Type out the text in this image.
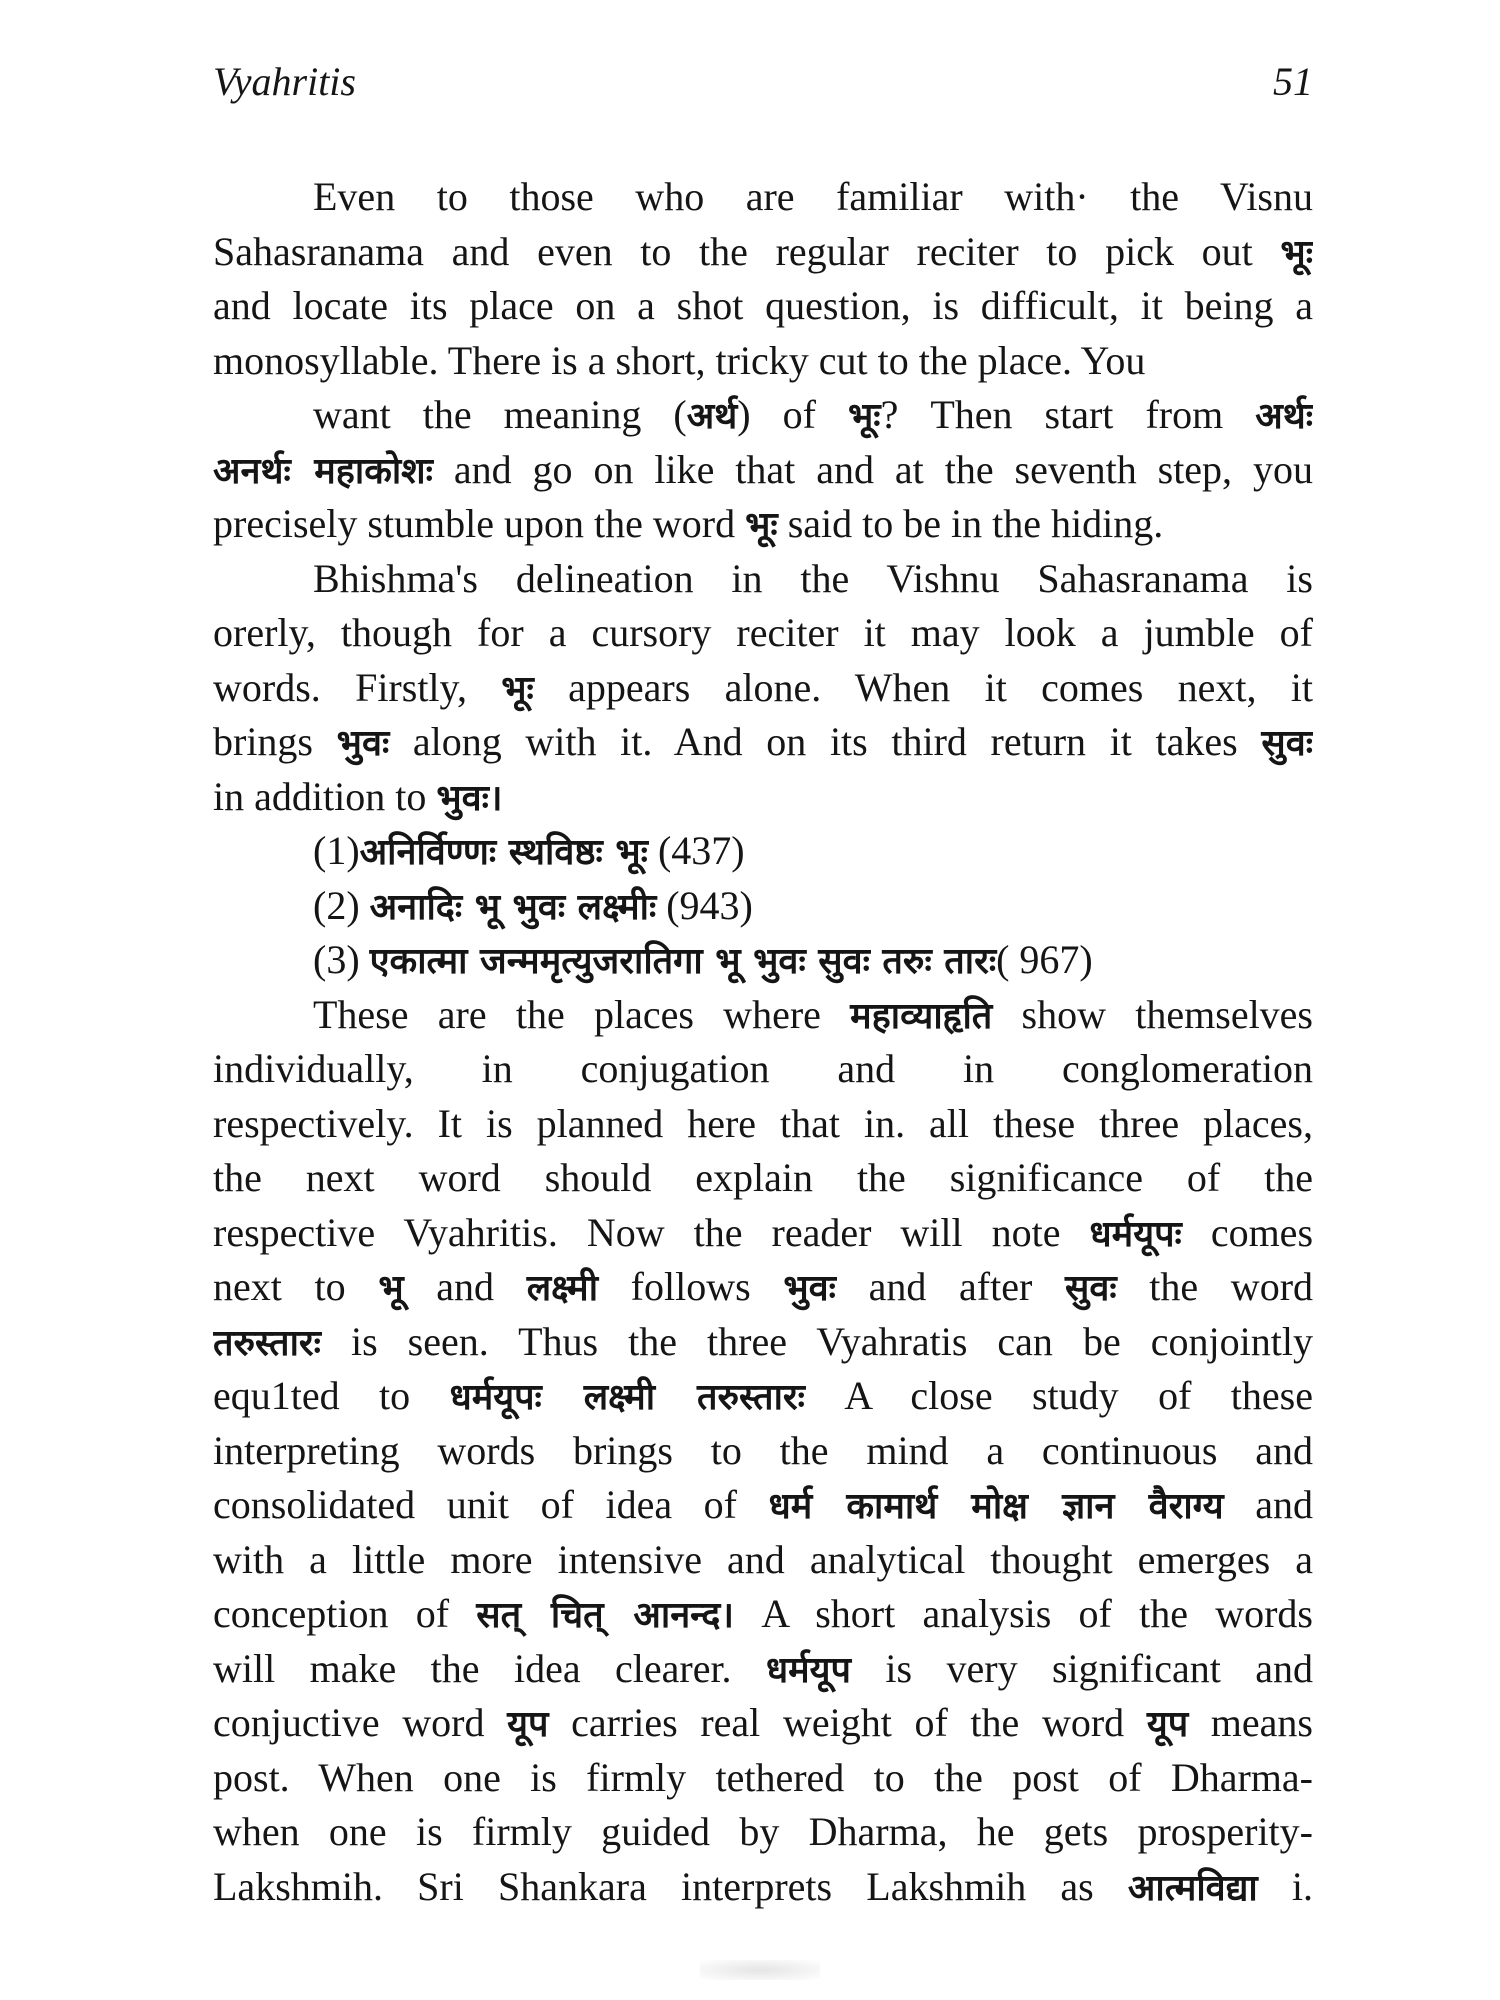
Vyahritis	51
Even to those who are familiar with· the Visnu
Sahasranama and even to the regular reciter to pick out भूः
and locate its place on a shot question, is difficult, it being a
monosyllable. There is a short, tricky cut to the place. You
want the meaning (अर्थ) of भूः? Then start from अर्थः
अनर्थः महाकोशः and go on like that and at the seventh step, you
precisely stumble upon the word भूः said to be in the hiding.
Bhishma's delineation in the Vishnu Sahasranama is
orerly, though for a cursory reciter it may look a jumble of
words. Firstly, भूः appears alone. When it comes next, it
brings भुवः along with it. And on its third return it takes सुवः
in addition to भुवः।
(1)अनिर्विण्णः स्थविष्ठः भूः (437)
(2) अनादिः भू भुवः लक्ष्मीः (943)
(3) एकात्मा जन्ममृत्युजरातिगा भू भुवः सुवः तरुः तारः( 967)
These are the places where महाव्याहृति show themselves
individually, in conjugation and in conglomeration
respectively. It is planned here that in. all these three places,
the next word should explain the significance of the
respective Vyahritis. Now the reader will note धर्मयूपः comes
next to भू and लक्ष्मी follows भुवः and after सुवः the word
तरुस्तारः is seen. Thus the three Vyahratis can be conjointly
equ1ted to धर्मयूपः लक्ष्मी तरुस्तारः A close study of these
interpreting words brings to the mind a continuous and
consolidated unit of idea of धर्म कामार्थ मोक्ष ज्ञान वैराग्य and
with a little more intensive and analytical thought emerges a
conception of सत् चित् आनन्द। A short analysis of the words
will make the idea clearer. धर्मयूप is very significant and
conjuctive word यूप carries real weight of the word यूप means
post. When one is firmly tethered to the post of Dharma-
when one is firmly guided by Dharma, he gets prosperity-
Lakshmih. Sri Shankara interprets Lakshmih as आत्मविद्या i.
